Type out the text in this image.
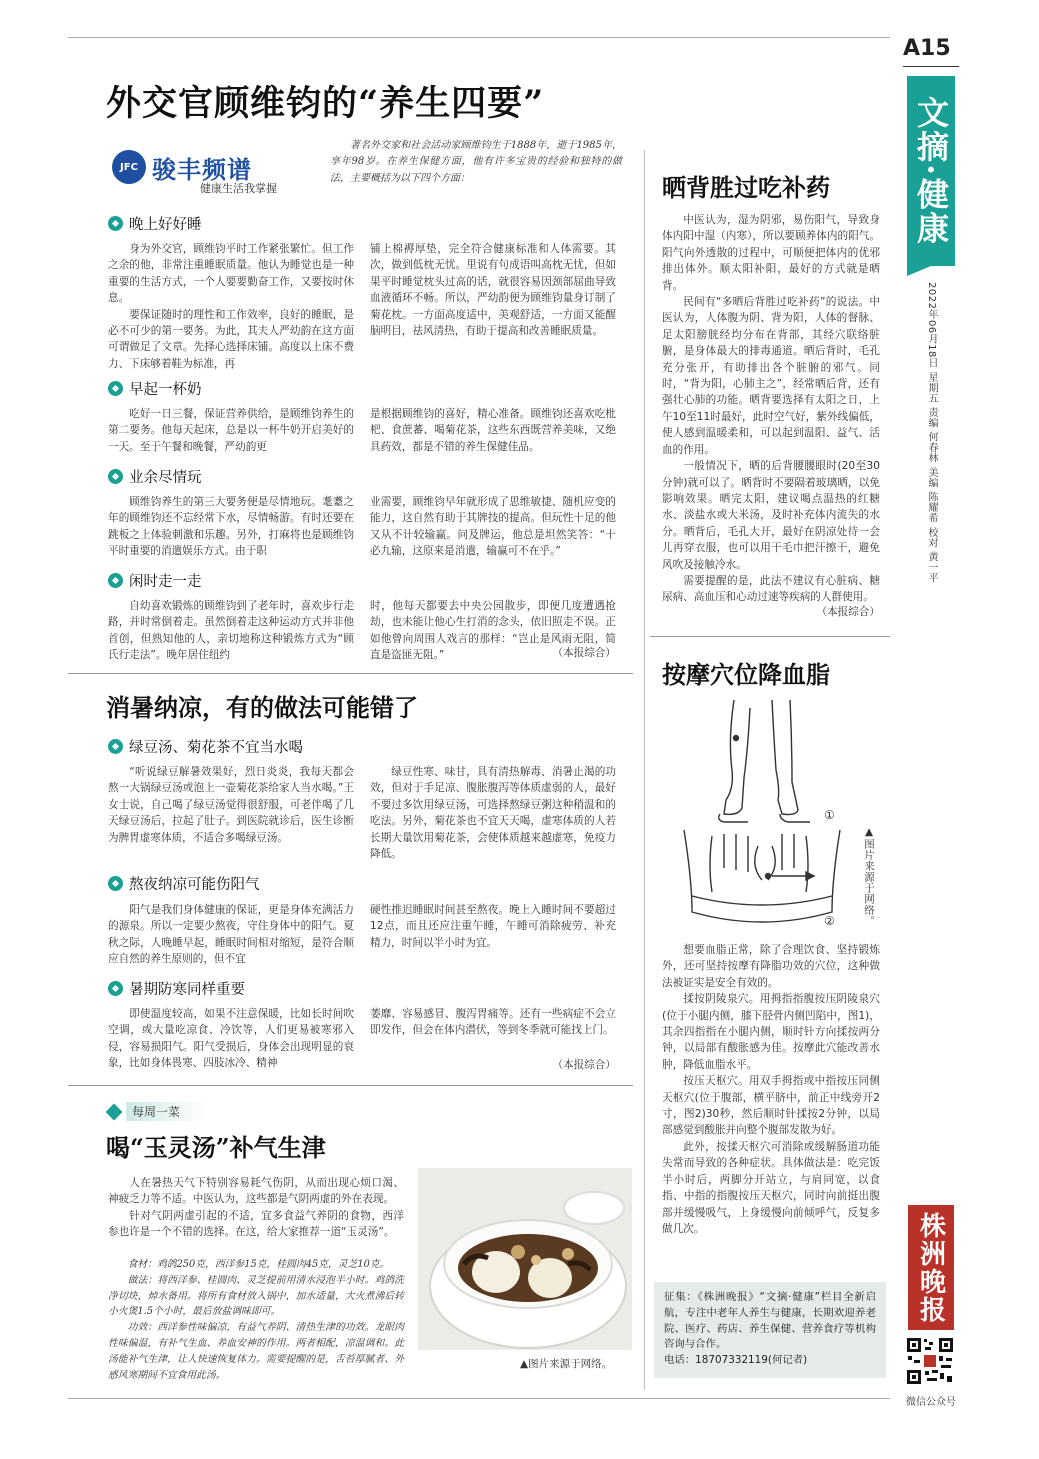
A15
文摘·健康
2022年06月18日 星期五 责编 何春林 美编 陈耀希 校对 黄一平
株洲晚报
微信公众号
外交官顾维钧的“养生四要”
JFC 骏丰频谱
健康生活我掌握
著名外交家和社会活动家顾维钧生于1888年，逝于1985年，享年98岁。在养生保健方面，他有许多宝贵的经验和独特的做法，主要概括为以下四个方面：
晚上好好睡

身为外交官，顾维钧平时工作紧张繁忙。但工作之余的他，非常注重睡眠质量。他认为睡觉也是一种重要的生活方式，一个人要要勤奋工作，又要按时休息。

要保证随时的理性和工作效率，良好的睡眠，是必不可少的第一要务。为此，其夫人严幼韵在这方面可谓做足了文章。先择心选择床铺。高度以上床不费力、下床够着鞋为标准，再

铺上棉褥厚垫，完全符合健康标准和人体需要。其次，做到低枕无忧。里说有句成语叫高枕无忧，但如果平时睡觉枕头过高的话，就很容易因颈部屈曲导致血液循环不畅。所以，严幼韵便为顾维钧量身订制了菊花枕。一方面高度适中，美观舒适，一方面又能醒脑明目，祛风清热，有助于提高和改善睡眠质量。

早起一杯奶

吃好一日三餐，保证营养供给，是顾维钧养生的第二要务。他每天起床，总是以一杯牛奶开启美好的一天。至于午餐和晚餐，严幼韵更

是根据顾维钧的喜好，精心准备。顾维钧还喜欢吃枇杷、食蔗蕃、喝菊花茶，这些东西既营养美味，又绝具药效，都是不错的养生保健佳品。

业余尽情玩

顾维钧养生的第三大要务便是尽情地玩。耄耋之年的顾维钧还不忘经常下水，尽情畅游。有时还要在跳板之上体验刺激和乐趣。另外，打麻将也是顾维钧平时重要的消遣娱乐方式。由于职

业需要，顾维钧早年就形成了思维敏捷、随机应变的能力，这自然有助于其牌技的提高。但玩性十足的他又从不计较输赢。问及牌运，他总是坦然笑答：“十必九输，这原来是消遣，输赢可不在乎。”

闲时走一走

自幼喜欢锻炼的顾维钧到了老年时，喜欢步行走路，并时常倒着走。虽然倒着走这种运动方式并非他首创，但熟知他的人，亲切地称这种锻炼方式为“顾氏行走法”。晚年居住纽约

时，他每天都要去中央公园散步，即便几度遭遇抢劫，也未能让他心生打消的念头，依旧照走不误。正如他曾向周围人戏言的那样：“岂止是风雨无阻，简直是盗匪无阻。”	（本报综合）
消暑纳凉，有的做法可能错了
绿豆汤、菊花茶不宜当水喝

“听说绿豆解暑效果好，烈日炎炎，我每天都会熬一大锅绿豆汤或泡上一壶菊花茶给家人当水喝。”王女士说，自己喝了绿豆汤觉得很舒服，可老伴喝了几天绿豆汤后，拉起了肚子。到医院就诊后，医生诊断为脾胃虚寒体质，不适合多喝绿豆汤。

绿豆性寒、味甘，具有清热解毒、消暑止渴的功效，但对于手足凉、腹胀腹泻等体质虚弱的人，最好不要过多饮用绿豆汤，可选择熬绿豆粥这种稍温和的吃法。另外，菊花茶也不宜天天喝，虚寒体质的人若长期大量饮用菊花茶，会使体质越来越虚寒，免疫力降低。

熬夜纳凉可能伤阳气

阳气是我们身体健康的保证，更是身体充满活力的源泉。所以一定要少熬夜，守住身体中的阳气。夏秋之际，人晚睡早起，睡眠时间相对缩短，是符合顺应自然的养生原则的，但不宜

硬性推迟睡眠时间甚至熬夜。晚上入睡时间不要超过12点，而且还应注重午睡，午睡可消除疲劳、补充精力，时间以半小时为宜。

暑期防寒同样重要

即使温度较高，如果不注意保暖，比如长时间吹空调，或大量吃凉食、冷饮等，人们更易被寒邪入侵，容易损阳气。阳气受损后，身体会出现明显的衰象，比如身体畏寒、四肢冰冷、精神

萎靡、容易感冒、腹泻胃痛等。还有一些病症不会立即发作，但会在体内潜伏，等到冬季就可能找上门。

（本报综合）
每周一菜
喝“玉灵汤”补气生津

人在暑热天气下特别容易耗气伤阴，从而出现心烦口渴、神疲乏力等不适。中医认为，这些都是气阴两虚的外在表现。

针对气阴两虚引起的不适，宜多食益气养阴的食物，西洋参也许是一个不错的选择。在这，给大家推荐一道“玉灵汤”。

食材：鸡鸽250克，西洋参15克，桂圆肉45克，灵芝10克。

做法：将西洋参、桂圆肉、灵芝提前用清水浸泡半小时。鸡鸽洗净切块，焯水备用。将所有食材放入锅中，加水适量，大火煮沸后转小火煲1.5个小时，最后放盐调味即可。

功效：西洋参性味偏凉，有益气养阴、清热生津的功效。龙眼肉性味偏温，有补气生血、养血安神的作用。两者相配，凉温调和。此汤能补气生津，让人快速恢复体力。需要提醒的是，舌苔厚腻者、外感风寒期间不宜食用此汤。

▲图片来源于网络。
晒背胜过吃补药

中医认为，湿为阴邪，易伤阳气，导致身体内阳中湿（内寒），所以要顾养体内的阳气。阳气向外透散的过程中，可顺便把体内的优邪排出体外。顺太阳补阳，最好的方式就是晒背。

民间有“多晒后背胜过吃补药”的说法。中医认为，人体腹为阴、背为阳，人体的督脉、足太阳膀胱经均分布在背部，其经穴联络脏腑，是身体最大的排毒通道。晒后背时，毛孔充分张开，有助排出各个脏腑的邪气。同时，“背为阳，心肺主之”，经常晒后背，还有强壮心肺的功能。晒背要选择有太阳之日，上午10至11时最好，此时空气好，紫外线偏低，使人感到温暖柔和，可以起到温阳、益气、活血的作用。

一般情况下，晒的后背腰腰眼时(20至30分钟)就可以了。晒背时不要隔着玻璃晒，以免影响效果。晒完太阳，建议喝点温热的红糖水、淡盐水或大米汤，及时补充体内流失的水分。晒背后，毛孔大开，最好在阴凉处待一会儿再穿衣服，也可以用干毛巾把汗擦干，避免风吹及接触冷水。

需要提醒的是，此法不建议有心脏病、糖尿病、高血压和心动过速等疾病的人群使用。

（本报综合）
按摩穴位降血脂
①
②	▲图片来源于网络。

想要血脂正常，除了合理饮食、坚持锻炼外，还可坚持按摩有降脂功效的穴位，这种做法被证实是安全有效的。

揉按阴陵泉穴。用拇指指腹按压阴陵泉穴(位于小腿内侧，膝下胫骨内侧凹陷中，图1)，其余四指指在小腿内侧，顺时针方向揉按两分钟，以局部有酸胀感为佳。按摩此穴能改善水肿，降低血脂水平。

按压天枢穴。用双手拇指或中指按压同侧天枢穴(位于腹部，横平脐中，前正中线旁开2寸，图2)30秒，然后顺时针揉按2分钟，以局部感觉到酸胀并向整个腹部发散为好。

此外，按揉天枢穴可消除或缓解肠道功能失常而导致的各种症状。具体做法是：吃完饭半小时后，两脚分开站立，与肩同宽，以食指、中指的指腹按压天枢穴，同时向前挺出腹部并缓慢吸气，上身缓慢向前倾呼气，反复多做几次。

征集：《株洲晚报》“文摘·健康”栏目全新启航，专注中老年人养生与健康，长期欢迎养老院、医疗、药店、养生保健、营养食疗等机构咨询与合作。
电话：18707332119(何记者)
